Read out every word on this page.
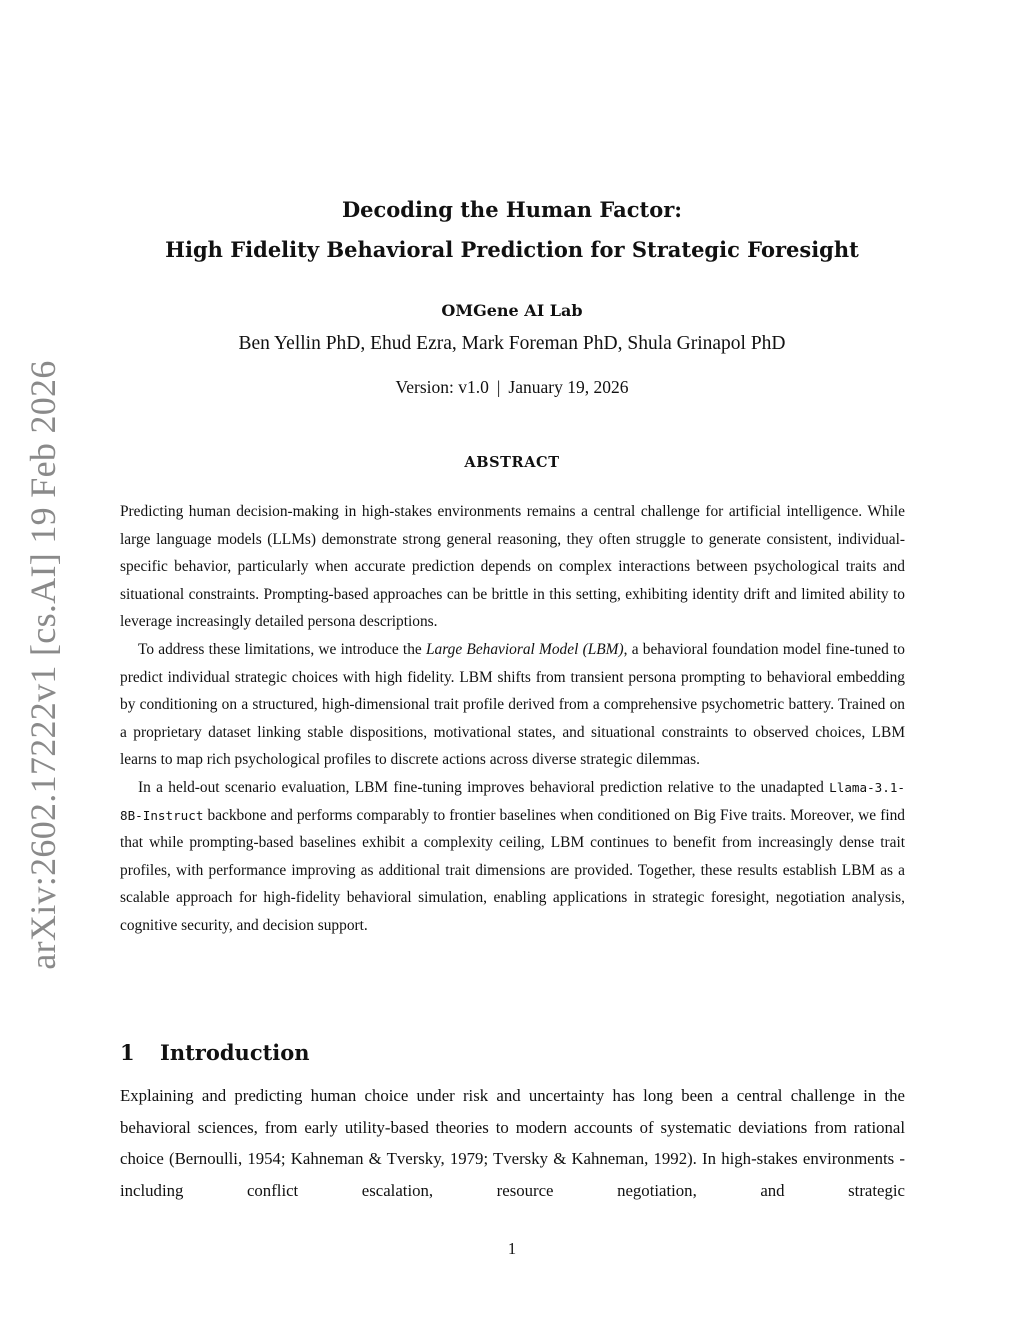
arXiv:2602.17222v1 [cs.AI] 19 Feb 2026
Decoding the Human Factor:
High Fidelity Behavioral Prediction for Strategic Foresight
OMGene AI Lab
Ben Yellin PhD, Ehud Ezra, Mark Foreman PhD, Shula Grinapol PhD
Version: v1.0 | January 19, 2026
ABSTRACT

Predicting human decision-making in high-stakes environments remains a central challenge for artificial intelligence. While large language models (LLMs) demonstrate strong general reasoning, they often struggle to generate consistent, individual-specific behavior, particularly when accurate prediction depends on complex interactions between psychological traits and situational constraints. Prompting-based approaches can be brittle in this setting, exhibiting identity drift and limited ability to leverage increasingly detailed persona descriptions.

To address these limitations, we introduce the Large Behavioral Model (LBM), a behavioral foundation model fine-tuned to predict individual strategic choices with high fidelity. LBM shifts from transient persona prompting to behavioral embedding by conditioning on a structured, high-dimensional trait profile derived from a comprehensive psychometric battery. Trained on a proprietary dataset linking stable dispositions, motivational states, and situational constraints to observed choices, LBM learns to map rich psychological profiles to discrete actions across diverse strategic dilemmas.

In a held-out scenario evaluation, LBM fine-tuning improves behavioral prediction relative to the unadapted Llama-3.1-8B-Instruct backbone and performs comparably to frontier baselines when conditioned on Big Five traits. Moreover, we find that while prompting-based baselines exhibit a complexity ceiling, LBM continues to benefit from increasingly dense trait profiles, with performance improving as additional trait dimensions are provided. Together, these results establish LBM as a scalable approach for high-fidelity behavioral simulation, enabling applications in strategic foresight, negotiation analysis, cognitive security, and decision support.

1 Introduction

Explaining and predicting human choice under risk and uncertainty has long been a central challenge in the behavioral sciences, from early utility-based theories to modern accounts of systematic deviations from rational choice (Bernoulli, 1954; Kahneman & Tversky, 1979; Tversky & Kahneman, 1992). In high-stakes environments - including conflict escalation, resource negotiation, and strategic

1
